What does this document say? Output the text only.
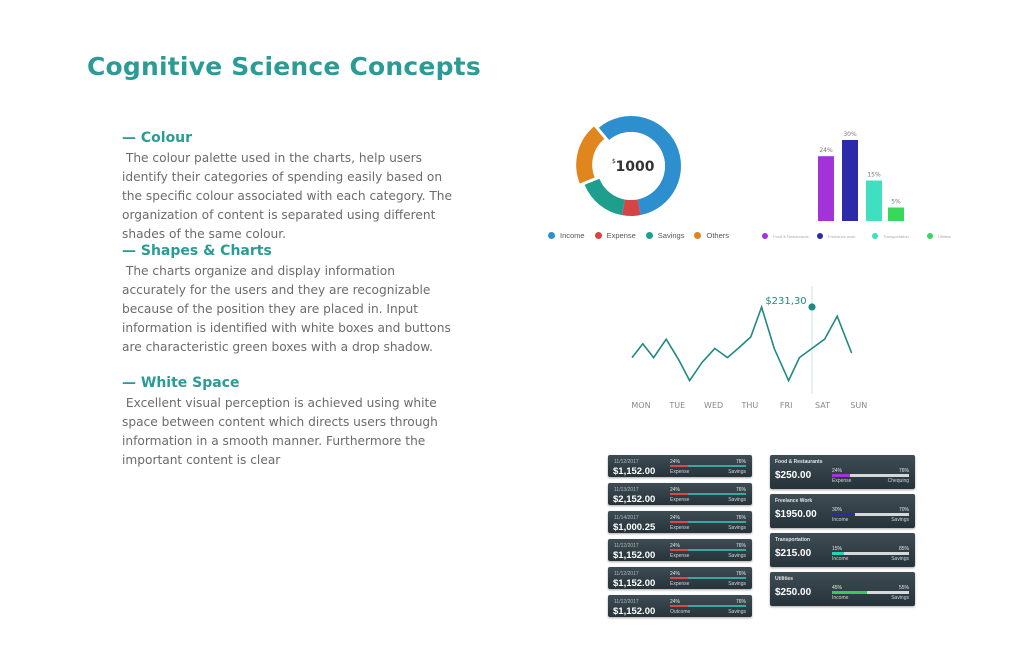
Cognitive Science Concepts
— Colour

The colour palette used in the charts, help users identify their categories of spending easily based on the specific colour associated with each category. The organization of content is separated using different shades of the same colour.

— Shapes & Charts

The charts organize and display information accurately for the users and they are recognizable because of the position they are placed in. Input information is identified with white boxes and buttons are characteristic green boxes with a drop shadow.

— White Space

Excellent visual perception is achieved using white space between content which directs users through information in a smooth manner. Furthermore the important content is clear

$ 1000
Income	Expense	Savings	Others
24%
30%
15%
5%
Food & Restaurants	Freelance work	Transportation	Utilities
$231,30
MON TUE WED THU	FRI	SAT	SUN
11/12/2017
$1,152.00
24%	76%
Expense	Savings
11/13/2017
$2,152.00
24%	76%
Expense	Savings
11/14/2017
$1,000.25
24%	76%
Expense	Savings
11/12/2017
$1,152.00
24%	76%
Expense	Savings
11/12/2017
$1,152.00
24%	76%
Expense	Savings
11/12/2017
$1,152.00
24%	76%
Outcome	Savings
Food & Restaurants
$250.00	24%	76%
Expense	Chequing
Freelance Work
$1950.00	30%	70%
Income	Savings
Transportation
$215.00	15%	85%
Income	Savings
Utilities
$250.00	45%	55%
Income	Savings
